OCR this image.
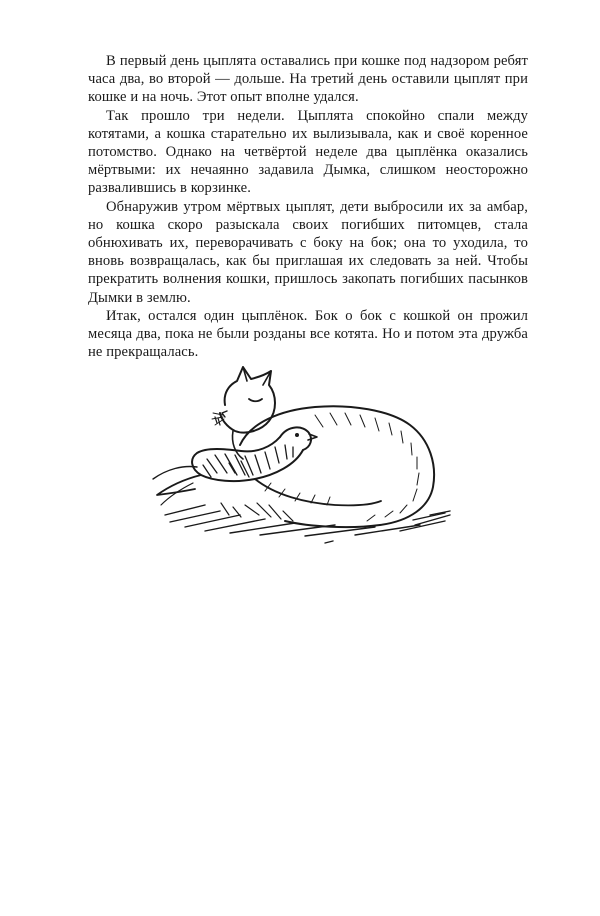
В первый день цыплята оставались при кошке под надзором ребят часа два, во второй — дольше. На третий день оставили цыплят при кошке и на ночь. Этот опыт вполне удался.

Так прошло три недели. Цыплята спокойно спали между котятами, а кошка старательно их вылизывала, как и своё коренное потомство. Однако на четвёртой неделе два цыплёнка оказались мёртвыми: их нечаянно задавила Дымка, слишком неосторожно развалившись в корзинке.

Обнаружив утром мёртвых цыплят, дети выбросили их за амбар, но кошка скоро разыскала своих погибших питомцев, стала обнюхивать их, переворачивать с боку на бок; она то уходила, то вновь возвращалась, как бы приглашая их следовать за ней. Чтобы прекратить волнения кошки, пришлось закопать погибших пасынков Дымки в землю.

Итак, остался один цыплёнок. Бок о бок с кошкой он прожил месяца два, пока не были розданы все котята. Но и потом эта дружба не прекращалась.
